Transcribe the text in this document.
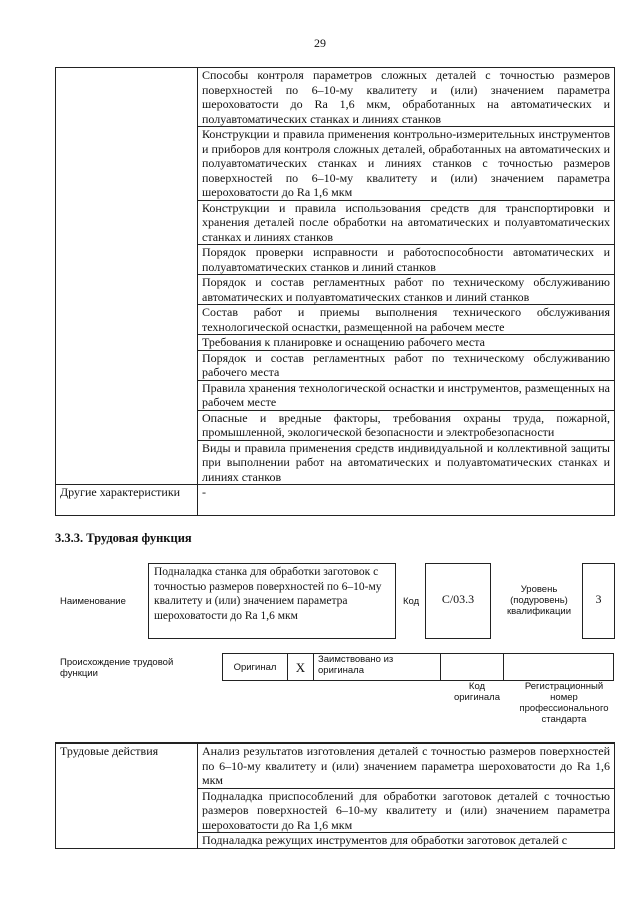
29
	Способы контроля параметров сложных деталей с точностью размеров поверхностей по 6–10-му квалитету и (или) значением параметра шероховатости до Ra 1,6 мкм, обработанных на автоматических и полуавтоматических станках и линиях станков
	Конструкции и правила применения контрольно-измерительных инструментов и приборов для контроля сложных деталей, обработанных на автоматических и полуавтоматических станках и линиях станков с точностью размеров поверхностей по 6–10-му квалитету и (или) значением параметра шероховатости до Ra 1,6 мкм
	Конструкции и правила использования средств для транспортировки и хранения деталей после обработки на автоматических и полуавтоматических станках и линиях станков
	Порядок проверки исправности и работоспособности автоматических и полуавтоматических станков и линий станков
	Порядок и состав регламентных работ по техническому обслуживанию автоматических и полуавтоматических станков и линий станков
	Состав работ и приемы выполнения технического обслуживания технологической оснастки, размещенной на рабочем месте
	Требования к планировке и оснащению рабочего места
	Порядок и состав регламентных работ по техническому обслуживанию рабочего места
	Правила хранения технологической оснастки и инструментов, размещенных на рабочем месте
	Опасные и вредные факторы, требования охраны труда, пожарной, промышленной, экологической безопасности и электробезопасности
	Виды и правила применения средств индивидуальной и коллективной защиты при выполнении работ на автоматических и полуавтоматических станках и линиях станков
Другие характеристики	-
3.3.3. Трудовая функция
Наименование
Подналадка станка для обработки заготовок с точностью размеров поверхностей по 6–10-му квалитету и (или) значением параметра шероховатости до Ra 1,6 мкм
Код	С/03.3
Уровень (подуровень) квалификации
3
Происхождение трудовой функции
Оригинал	X	Заимствовано из оригинала		
Код оригинала
Регистрационный номер профессионального стандарта
Трудовые действия	Анализ результатов изготовления деталей с точностью размеров поверхностей по 6–10-му квалитету и (или) значением параметра шероховатости до Ra 1,6 мкм
Подналадка приспособлений для обработки заготовок деталей с точностью размеров поверхностей 6–10-му квалитету и (или) значением параметра шероховатости до Ra 1,6 мкм
Подналадка режущих инструментов для обработки заготовок деталей с
